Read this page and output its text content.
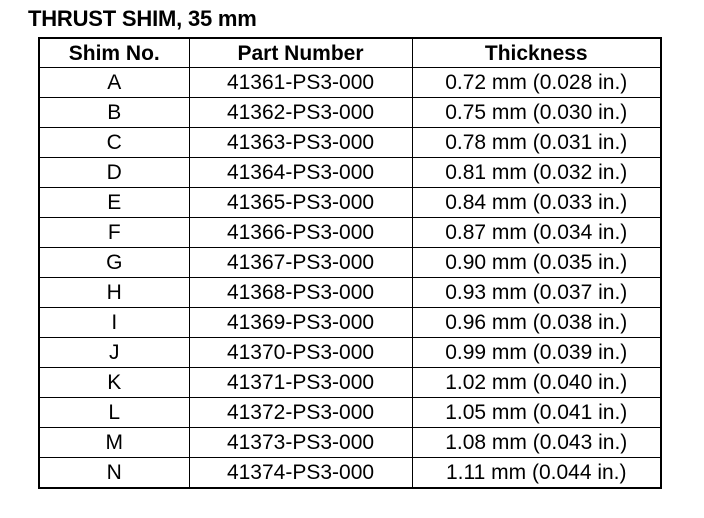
THRUST SHIM, 35 mm
Shim No.	Part Number	Thickness
A	41361-PS3-000	0.72 mm (0.028 in.)
B	41362-PS3-000	0.75 mm (0.030 in.)
C	41363-PS3-000	0.78 mm (0.031 in.)
D	41364-PS3-000	0.81 mm (0.032 in.)
E	41365-PS3-000	0.84 mm (0.033 in.)
F	41366-PS3-000	0.87 mm (0.034 in.)
G	41367-PS3-000	0.90 mm (0.035 in.)
H	41368-PS3-000	0.93 mm (0.037 in.)
I	41369-PS3-000	0.96 mm (0.038 in.)
J	41370-PS3-000	0.99 mm (0.039 in.)
K	41371-PS3-000	1.02 mm (0.040 in.)
L	41372-PS3-000	1.05 mm (0.041 in.)
M	41373-PS3-000	1.08 mm (0.043 in.)
N	41374-PS3-000	1.11 mm (0.044 in.)
